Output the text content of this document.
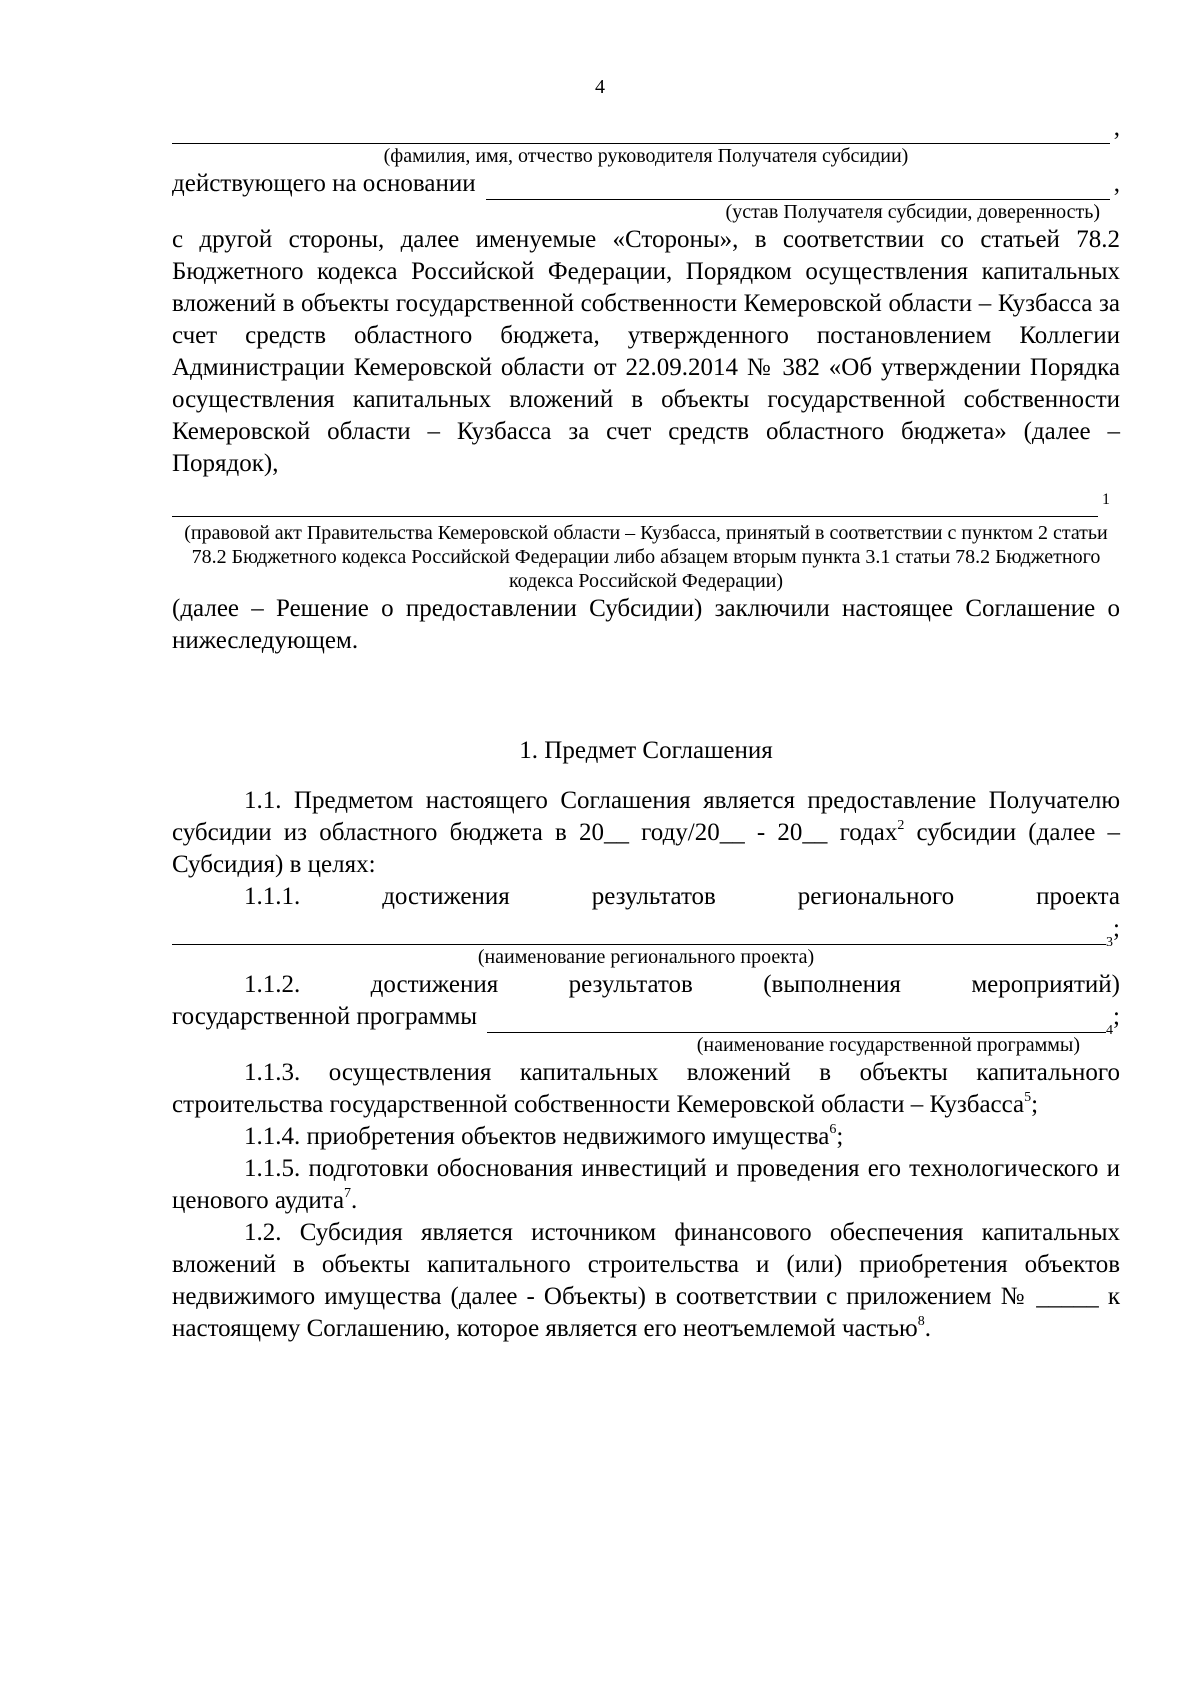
4
,
(фамилия, имя, отчество руководителя Получателя субсидии)
действующего на основании	,
(устав Получателя субсидии, доверенность)
с другой стороны, далее именуемые «Стороны», в соответствии со статьей 78.2 Бюджетного кодекса Российской Федерации, Порядком осуществления капитальных вложений в объекты государственной собственности Кемеровской области – Кузбасса за счет средств областного бюджета, утвержденного постановлением Коллегии Администрации Кемеровской области от 22.09.2014 № 382 «Об утверждении Порядка осуществления капитальных вложений в объекты государственной собственности Кемеровской области – Кузбасса за счет средств областного бюджета» (далее – Порядок),
1
(правовой акт Правительства Кемеровской области – Кузбасса, принятый в соответствии с пунктом 2 статьи 78.2 Бюджетного кодекса Российской Федерации либо абзацем вторым пункта 3.1 статьи 78.2 Бюджетного кодекса Российской Федерации)
(далее – Решение о предоставлении Субсидии) заключили настоящее Соглашение о нижеследующем.
1. Предмет Соглашения
1.1. Предметом настоящего Соглашения является предоставление Получателю субсидии из областного бюджета в 20__ году/20__ - 20__ годах$^2$ субсидии (далее – Субсидия) в целях:
1.1.1. достижения результатов регионального проекта
$^3$
;
(наименование регионального проекта)
1.1.2. достижения результатов (выполнения мероприятий)
государственной программы
$^4$
;
(наименование государственной программы)
1.1.3. осуществления капитальных вложений в объекты капитального строительства государственной собственности Кемеровской области – Кузбасса$^5$;
1.1.4. приобретения объектов недвижимого имущества$^6$;
1.1.5. подготовки обоснования инвестиций и проведения его технологического и ценового аудита$^7$.
1.2. Субсидия является источником финансового обеспечения капитальных вложений в объекты капитального строительства и (или) приобретения объектов недвижимого имущества (далее - Объекты) в соответствии с приложением № _____ к настоящему Соглашению, которое является его неотъемлемой частью$^8$.
